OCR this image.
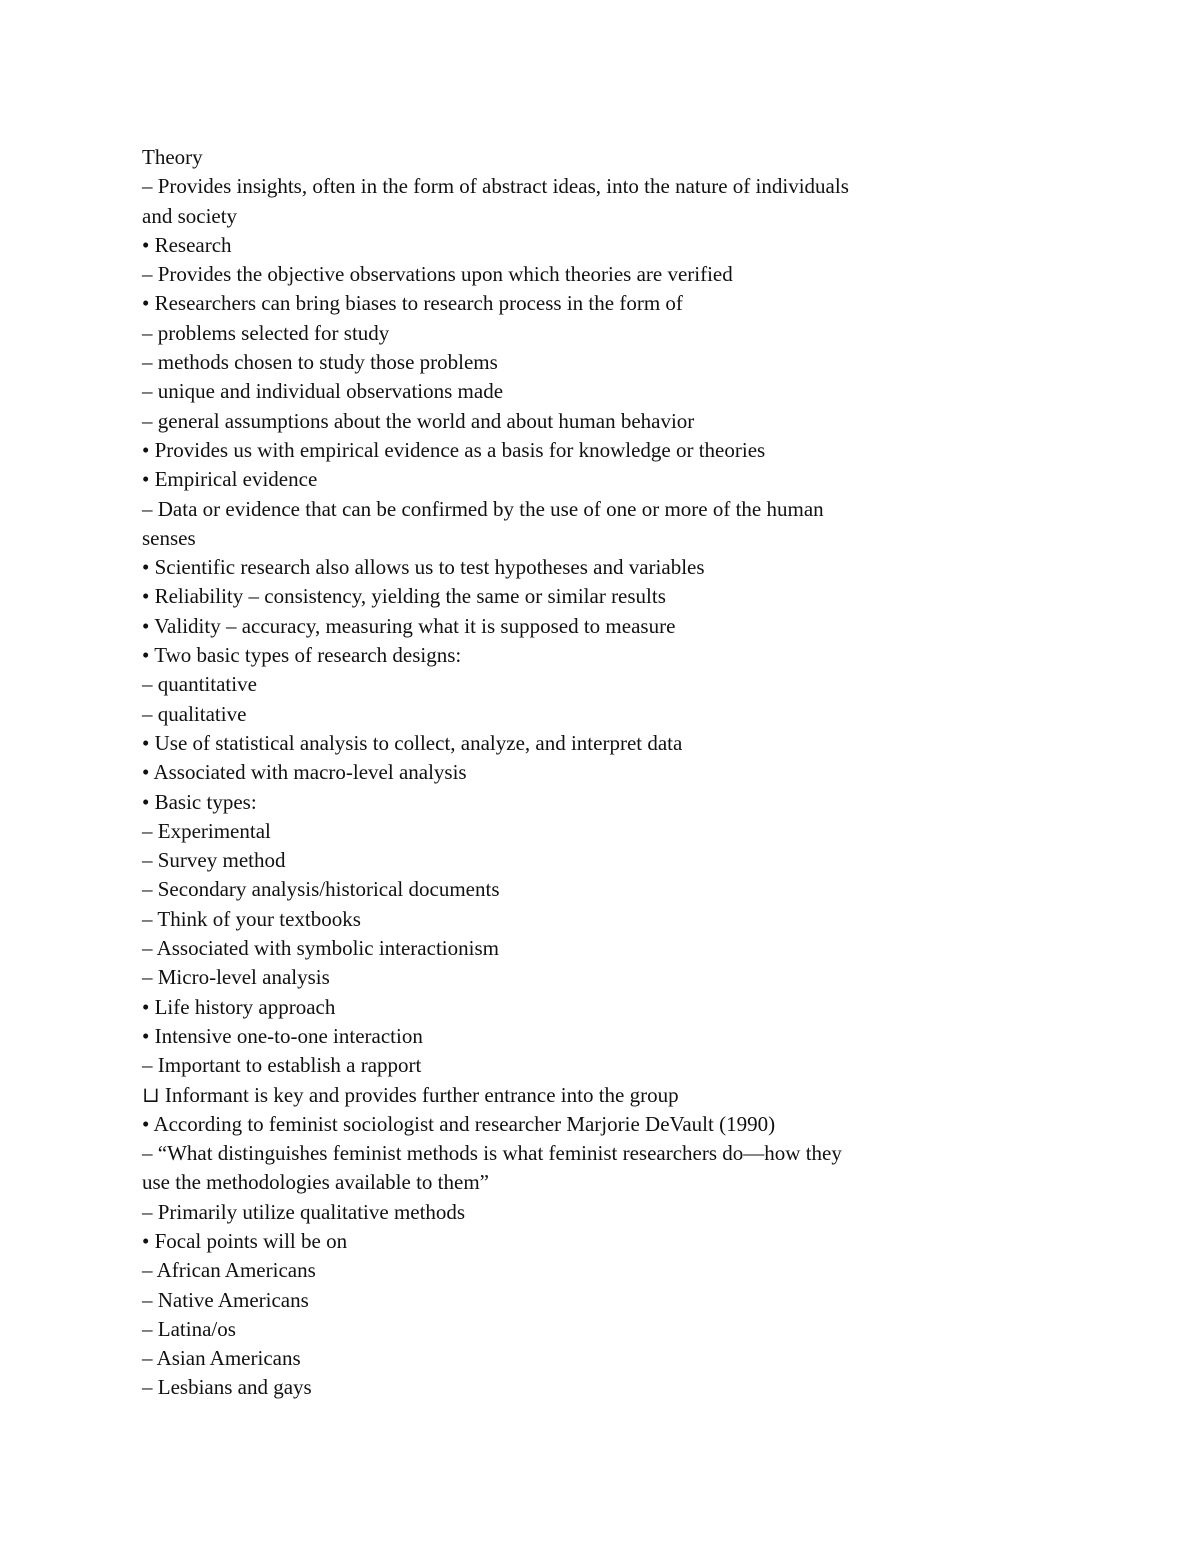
Theory
– Provides insights, often in the form of abstract ideas, into the nature of individuals
and society
• Research
– Provides the objective observations upon which theories are verified
• Researchers can bring biases to research process in the form of
– problems selected for study
– methods chosen to study those problems
– unique and individual observations made
– general assumptions about the world and about human behavior
• Provides us with empirical evidence as a basis for knowledge or theories
• Empirical evidence
– Data or evidence that can be confirmed by the use of one or more of the human
senses
• Scientific research also allows us to test hypotheses and variables
• Reliability – consistency, yielding the same or similar results
• Validity – accuracy, measuring what it is supposed to measure
• Two basic types of research designs:
– quantitative
– qualitative
• Use of statistical analysis to collect, analyze, and interpret data
• Associated with macro-level analysis
• Basic types:
– Experimental
– Survey method
– Secondary analysis/historical documents
– Think of your textbooks
– Associated with symbolic interactionism
– Micro-level analysis
• Life history approach
• Intensive one-to-one interaction
– Important to establish a rapport
⊔ Informant is key and provides further entrance into the group
• According to feminist sociologist and researcher Marjorie DeVault (1990)
– “What distinguishes feminist methods is what feminist researchers do—how they
use the methodologies available to them”
– Primarily utilize qualitative methods
• Focal points will be on
– African Americans
– Native Americans
– Latina/os
– Asian Americans
– Lesbians and gays
